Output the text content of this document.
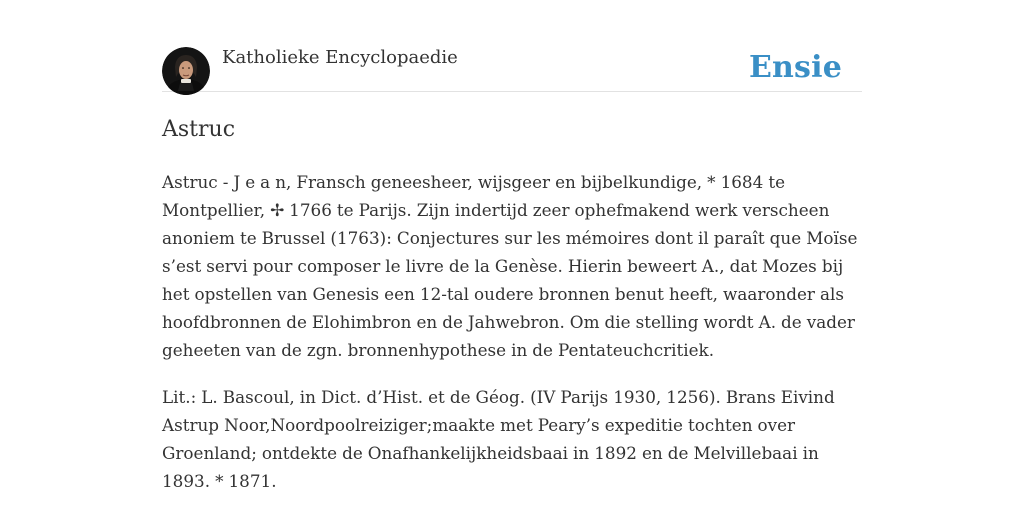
Katholieke Encyclopaedie	Ensie
Astruc

Astruc - J e a n, Fransch geneesheer, wijsgeer en bijbelkundige, * 1684 te
Montpellier, ✢ 1766 te Parijs. Zijn indertijd zeer ophefmakend werk verscheen
anoniem te Brussel (1763): Conjectures sur les mémoires dont il paraît que Moïse
s’est servi pour composer le livre de la Genèse. Hierin beweert A., dat Mozes bij
het opstellen van Genesis een 12-tal oudere bronnen benut heeft, waaronder als
hoofdbronnen de Elohimbron en de Jahwebron. Om die stelling wordt A. de vader
geheeten van de zgn. bronnenhypothese in de Pentateuchcritiek.

Lit.: L. Bascoul, in Dict. d’Hist. et de Géog. (IV Parijs 1930, 1256). Brans Eivind
Astrup Noor,Noordpoolreiziger;maakte met Peary’s expeditie tochten over
Groenland; ontdekte de Onafhankelijkheidsbaai in 1892 en de Melvillebaai in
1893. * 1871.
